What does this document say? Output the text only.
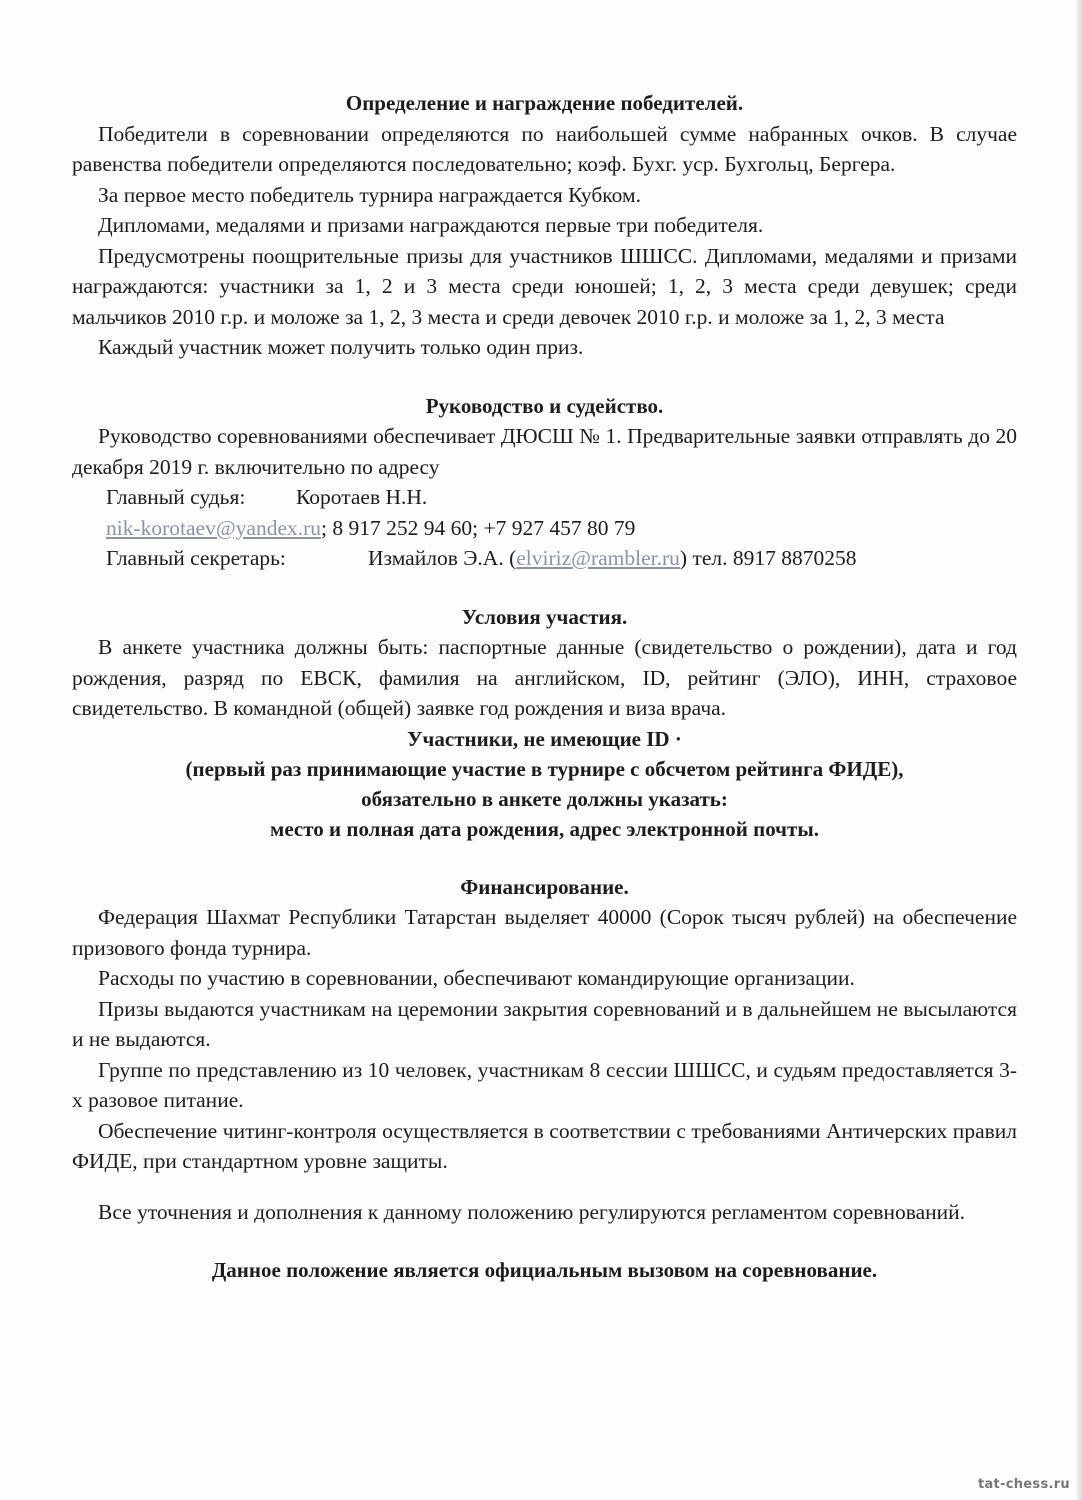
Определение и награждение победителей.

Победители в соревновании определяются по наибольшей сумме набранных очков. В случае равенства победители определяются последовательно; коэф. Бухг. уср. Бухгольц, Бергера.

За первое место победитель турнира награждается Кубком.

Дипломами, медалями и призами награждаются первые три победителя.

Предусмотрены поощрительные призы для участников ШШСС. Дипломами, медалями и призами награждаются: участники за 1, 2 и 3 места среди юношей; 1, 2, 3 места среди девушек; среди мальчиков 2010 г.р. и моложе за 1, 2, 3 места и среди девочек 2010 г.р. и моложе за 1, 2, 3 места

Каждый участник может получить только один приз.

Руководство и судейство.

Руководство соревнованиями обеспечивает ДЮСШ № 1. Предварительные заявки отправлять до 20 декабря 2019 г. включительно по адресу

Главный судья: Коротаев Н.Н.

nik-korotaev@yandex.ru; 8 917 252 94 60; +7 927 457 80 79

Главный секретарь:	Измайлов Э.А. (elviriz@rambler.ru) тел. 8917 8870258

Условия участия.

В анкете участника должны быть: паспортные данные (свидетельство о рождении), дата и год рождения, разряд по ЕВСК, фамилия на английском, ID, рейтинг (ЭЛО), ИНН, страховое свидетельство. В командной (общей) заявке год рождения и виза врача.

Участники, не имеющие ID ·

(первый раз принимающие участие в турнире с обсчетом рейтинга ФИДЕ),

обязательно в анкете должны указать:

место и полная дата рождения, адрес электронной почты.

Финансирование.

Федерация Шахмат Республики Татарстан выделяет 40000 (Сорок тысяч рублей) на обеспечение призового фонда турнира.

Расходы по участию в соревновании, обеспечивают командирующие организации.

Призы выдаются участникам на церемонии закрытия соревнований и в дальнейшем не высылаются и не выдаются.

Группе по представлению из 10 человек, участникам 8 сессии ШШСС, и судьям предоставляется 3-х разовое питание.

Обеспечение читинг-контроля осуществляется в соответствии с требованиями Античерских правил ФИДЕ, при стандартном уровне защиты.

Все уточнения и дополнения к данному положению регулируются регламентом соревнований.

Данное положение является официальным вызовом на соревнование.

tat-chess.ru
